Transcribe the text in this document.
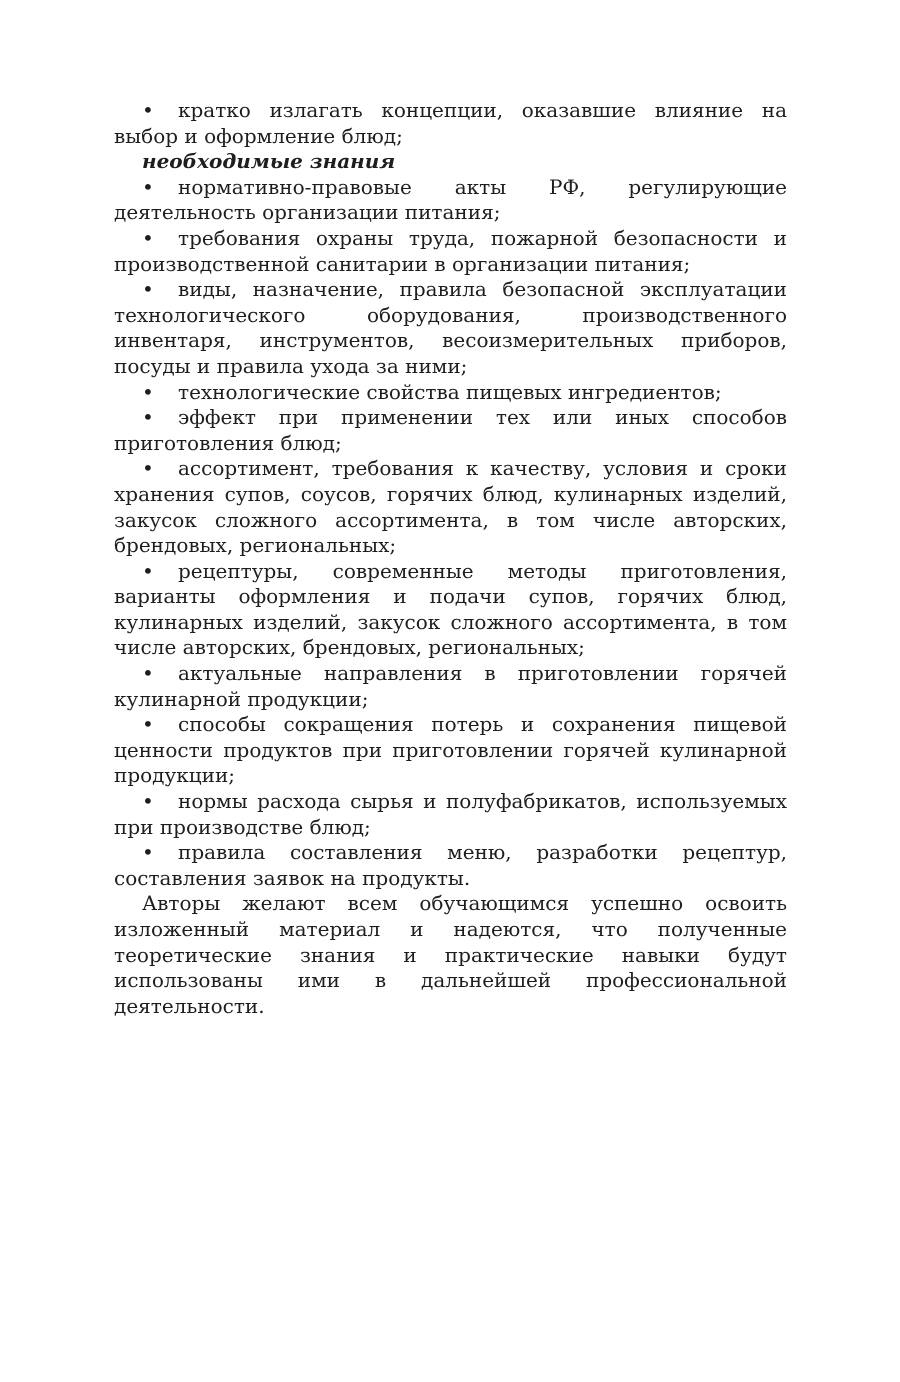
• кратко излагать концепции, оказавшие влияние на выбор и оформление блюд;

необходимые знания

• нормативно-правовые акты РФ, регулирующие деятельность организации питания;

• требования охраны труда, пожарной безопасности и производственной санитарии в организации питания;

• виды, назначение, правила безопасной эксплуатации технологического оборудования, производственного инвентаря, инструментов, весоизмерительных приборов, посуды и правила ухода за ними;

• технологические свойства пищевых ингредиентов;

• эффект при применении тех или иных способов приготовления блюд;

• ассортимент, требования к качеству, условия и сроки хранения супов, соусов, горячих блюд, кулинарных изделий, закусок сложного ассортимента, в том числе авторских, брендовых, региональных;

• рецептуры, современные методы приготовления, варианты оформления и подачи супов, горячих блюд, кулинарных изделий, закусок сложного ассортимента, в том числе авторских, брендовых, региональных;

• актуальные направления в приготовлении горячей кулинарной продукции;

• способы сокращения потерь и сохранения пищевой ценности продуктов при приготовлении горячей кулинарной продукции;

• нормы расхода сырья и полуфабрикатов, используемых при производстве блюд;

• правила составления меню, разработки рецептур, составления заявок на продукты.

Авторы желают всем обучающимся успешно освоить изложенный материал и надеются, что полученные теоретические знания и практические навыки будут использованы ими в дальнейшей профессиональной деятельности.
